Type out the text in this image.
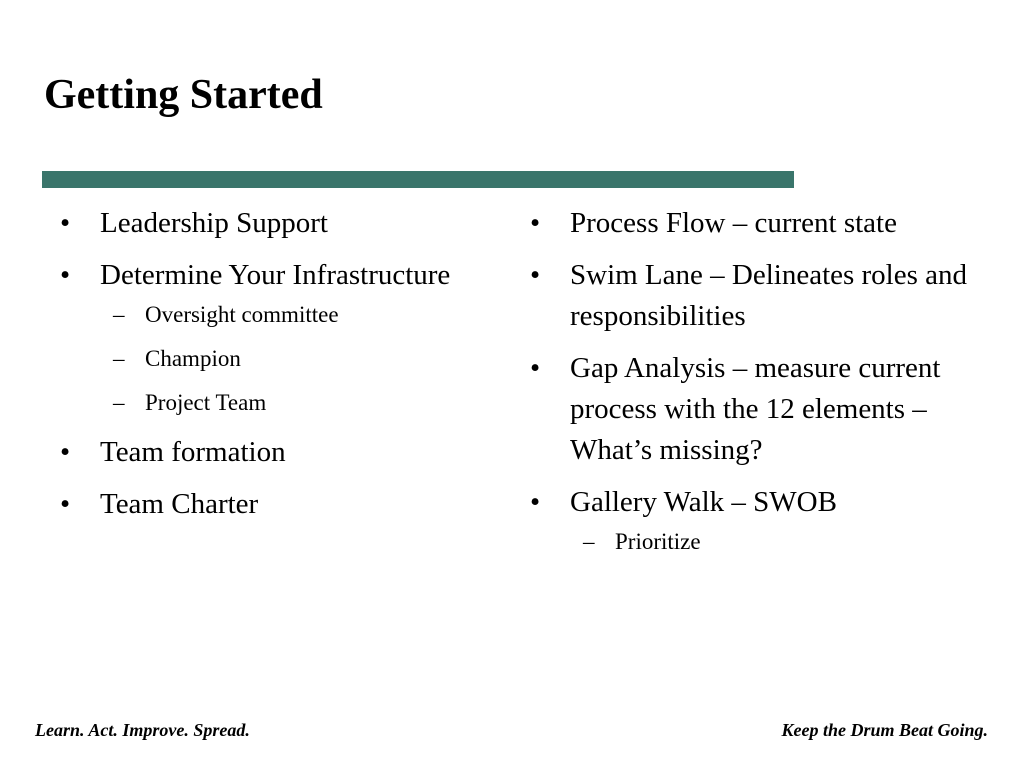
Getting Started
•	Leadership Support
•	Determine Your Infrastructure
– Oversight committee
– Champion
– Project Team
•	Team formation
•	Team Charter
•	Process Flow – current state
•	Swim Lane – Delineates roles and responsibilities
•	Gap Analysis – measure current process with the 12 elements – What’s missing?
•	Gallery Walk – SWOB
– Prioritize
Learn. Act. Improve. Spread.	Keep the Drum Beat Going.
